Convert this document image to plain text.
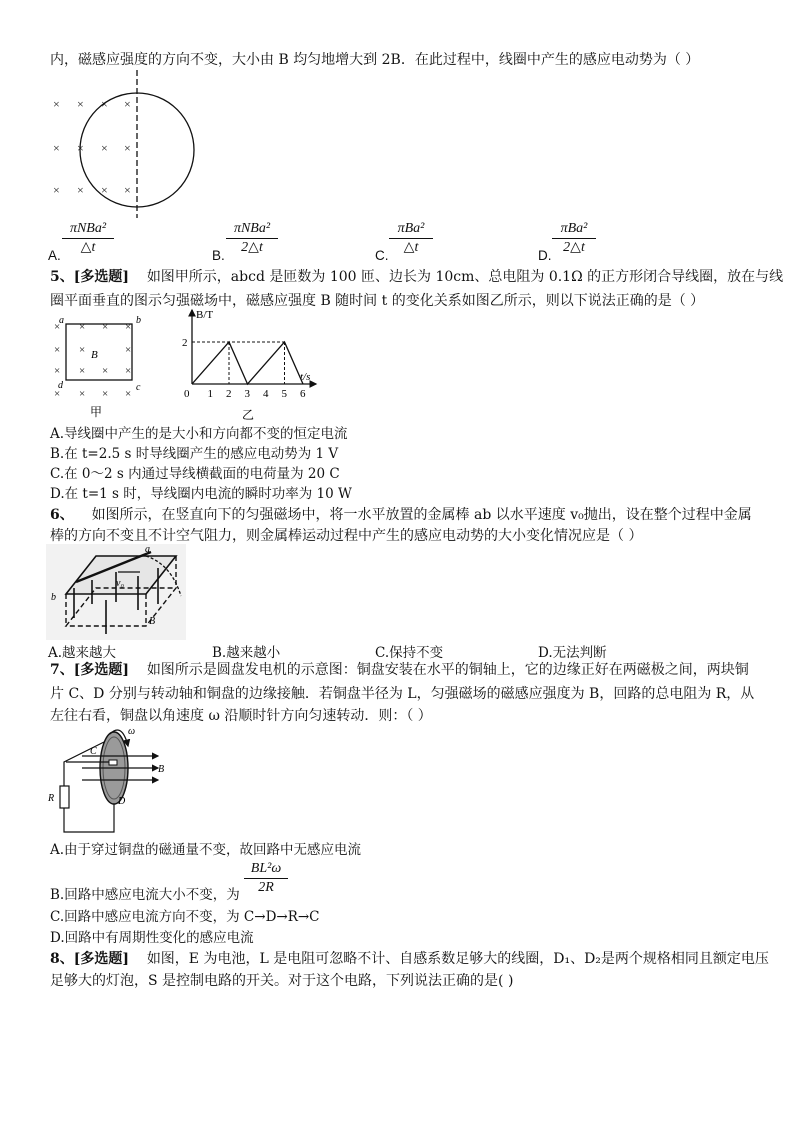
内，磁感应强度的方向不变，大小由 B 均匀地增大到 2B．在此过程中，线圈中产生的感应电动势为（ ）
× × × ×
× × × ×
× × × ×
A.
πNBa²
△t
B.
πNBa²
2△t
C.
πBa²
△t
D.
πBa²
2△t
5、[多选题] 如图甲所示，abcd 是匝数为 100 匝、边长为 10cm、总电阻为 0.1Ω 的正方形闭合导线圈，放在与线
圈平面垂直的图示匀强磁场中，磁感应强度 B 随时间 t 的变化关系如图乙所示，则以下说法正确的是（ ）
× × × ×
× ×	×
× × × ×
× × × ×
a	b
c
d
B
甲
B/T
t/s
2
0 1 2 3 4 5 6
乙
A.导线圈中产生的是大小和方向都不变的恒定电流
B.在 t=2.5 s 时导线圈产生的感应电动势为 1 V
C.在 0～2 s 内通过导线横截面的电荷量为 20 C
D.在 t=1 s 时，导线圈内电流的瞬时功率为 10 W
6、 如图所示，在竖直向下的匀强磁场中，将一水平放置的金属棒 ab 以水平速度 v₀抛出，设在整个过程中金属
棒的方向不变且不计空气阻力，则金属棒运动过程中产生的感应电动势的大小变化情况应是（ ）
v₀
b
a
B
A.越来越大	B.越来越小	C.保持不变	D.无法判断
7、[多选题] 如图所示是圆盘发电机的示意图：铜盘安装在水平的铜轴上，它的边缘正好在两磁极之间，两块铜
片 C、D 分别与转动轴和铜盘的边缘接触．若铜盘半径为 L，匀强磁场的磁感应强度为 B，回路的总电阻为 R，从
左往右看，铜盘以角速度 ω 沿顺时针方向匀速转动．则：（ ）
R
ω
C
B
D
A.由于穿过铜盘的磁通量不变，故回路中无感应电流
B.回路中感应电流大小不变，为 $\frac{\text{BL²ω}}{2R}$
C.回路中感应电流方向不变，为 C→D→R→C
D.回路中有周期性变化的感应电流
8、[多选题] 如图，E 为电池，L 是电阻可忽略不计、自感系数足够大的线圈，D₁、D₂是两个规格相同且额定电压
足够大的灯泡，S 是控制电路的开关。对于这个电路，下列说法正确的是( )
